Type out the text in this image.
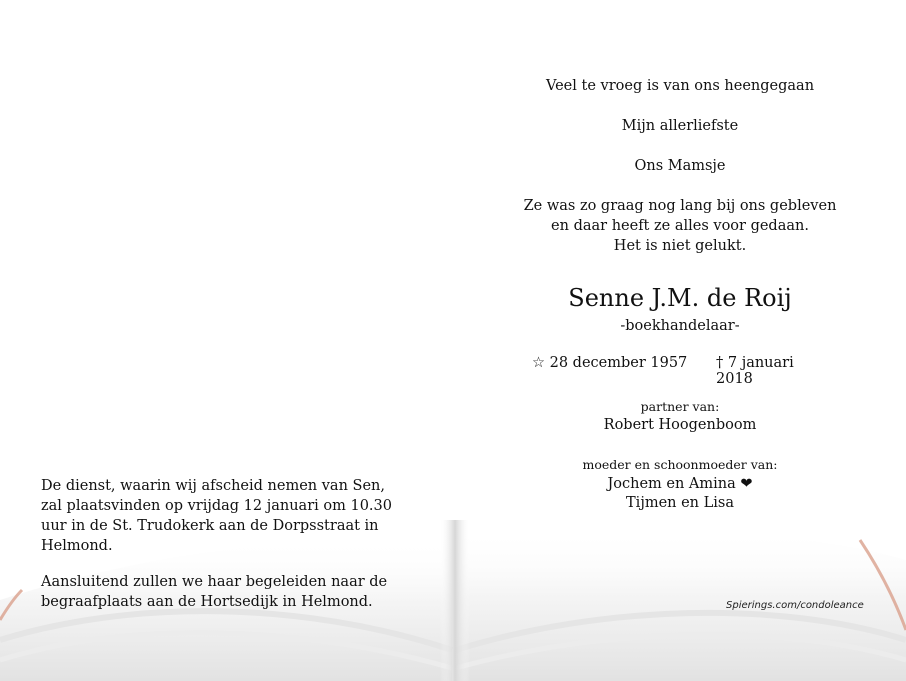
Veel te vroeg is van ons heengegaan
Mijn allerliefste
Ons Mamsje
Ze was zo graag nog lang bij ons gebleven
en daar heeft ze alles voor gedaan.
Het is niet gelukt.
Senne J.M. de Roij
-boekhandelaar-
partner van:
Robert Hoogenboom
moeder en schoonmoeder van:
Jochem en Amina ❤
Tijmen en Lisa
☆ 28 december 1957 † 7 januari 2018

De dienst, waarin wij afscheid nemen van Sen, zal plaatsvinden op vrijdag 12 januari om 10.30 uur in de St. Trudokerk aan de Dorpsstraat in Helmond.

Aansluitend zullen we haar begeleiden naar de begraafplaats aan de Hortsedijk in Helmond.	Spierings.com/condoleance
